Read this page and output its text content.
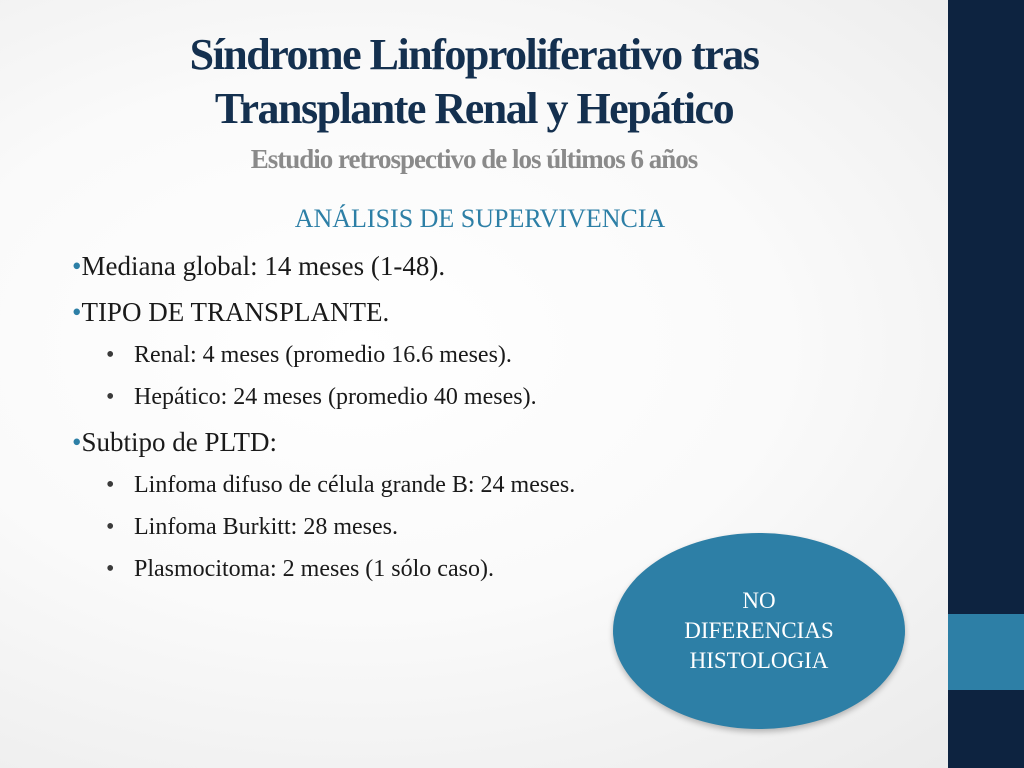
Síndrome Linfoproliferativo tras
Transplante Renal y Hepático
Estudio retrospectivo de los últimos 6 años
ANÁLISIS DE SUPERVIVENCIA
•Mediana global: 14 meses (1-48).
•TIPO DE TRANSPLANTE.
• Renal: 4 meses (promedio 16.6 meses).
• Hepático: 24 meses (promedio 40 meses).
•Subtipo de PLTD:
• Linfoma difuso de célula grande B: 24 meses.
• Linfoma Burkitt: 28 meses.
• Plasmocitoma: 2 meses (1 sólo caso).
NO
DIFERENCIAS
HISTOLOGIA
